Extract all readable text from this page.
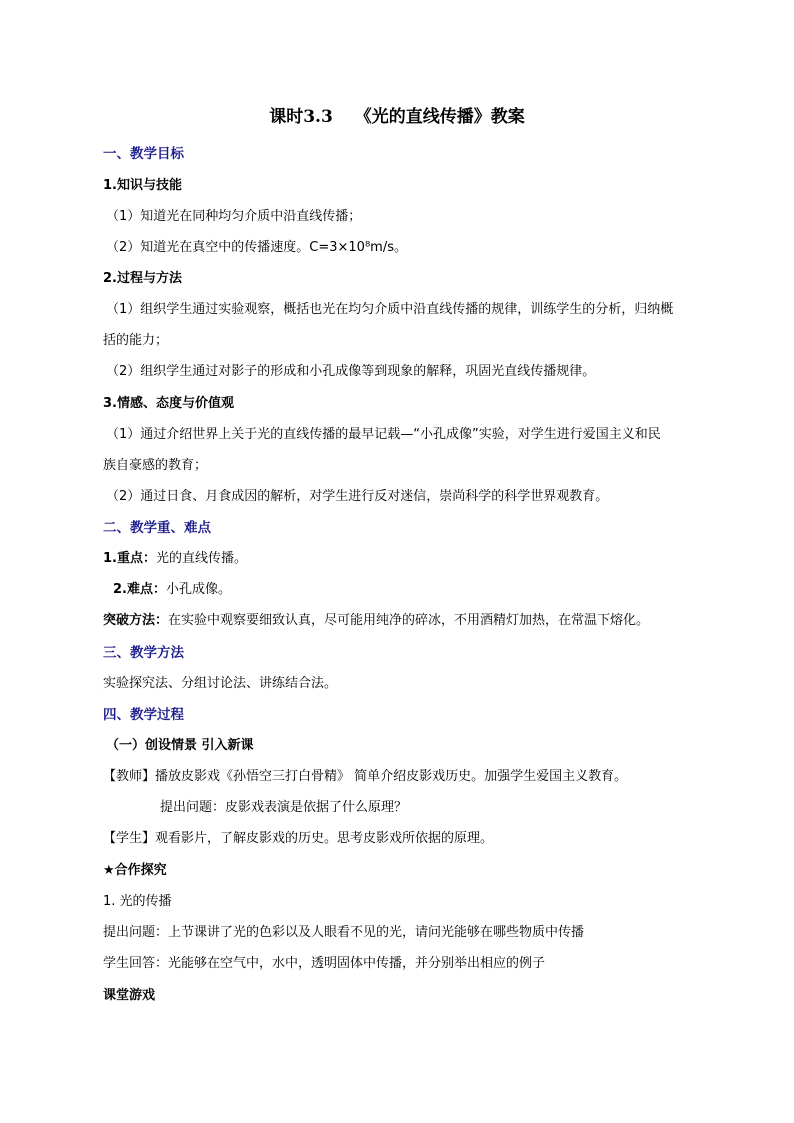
课时3.3 《光的直线传播》教案
一、教学目标
1.知识与技能
（1）知道光在同种均匀介质中沿直线传播；
（2）知道光在真空中的传播速度。C=3×10⁸m/s。
2.过程与方法
（1）组织学生通过实验观察，概括也光在均匀介质中沿直线传播的规律，训练学生的分析，归纳概
括的能力；
（2）组织学生通过对影子的形成和小孔成像等到现象的解释，巩固光直线传播规律。
3.情感、态度与价值观
（1）通过介绍世界上关于光的直线传播的最早记载—“小孔成像”实验，对学生进行爱国主义和民
族自豪感的教育；
（2）通过日食、月食成因的解析，对学生进行反对迷信，崇尚科学的科学世界观教育。
二、教学重、难点
1.重点：光的直线传播。
2.难点：小孔成像。
突破方法：在实验中观察要细致认真，尽可能用纯净的碎冰，不用酒精灯加热，在常温下熔化。
三、教学方法
实验探究法、分组讨论法、讲练结合法。
四、教学过程
（一）创设情景 引入新课
【教师】播放皮影戏《孙悟空三打白骨精》 简单介绍皮影戏历史。加强学生爱国主义教育。
提出问题：皮影戏表演是依据了什么原理？
【学生】观看影片，了解皮影戏的历史。思考皮影戏所依据的原理。
★合作探究
1. 光的传播
提出问题：上节课讲了光的色彩以及人眼看不见的光，请问光能够在哪些物质中传播
学生回答：光能够在空气中，水中，透明固体中传播，并分别举出相应的例子
课堂游戏
